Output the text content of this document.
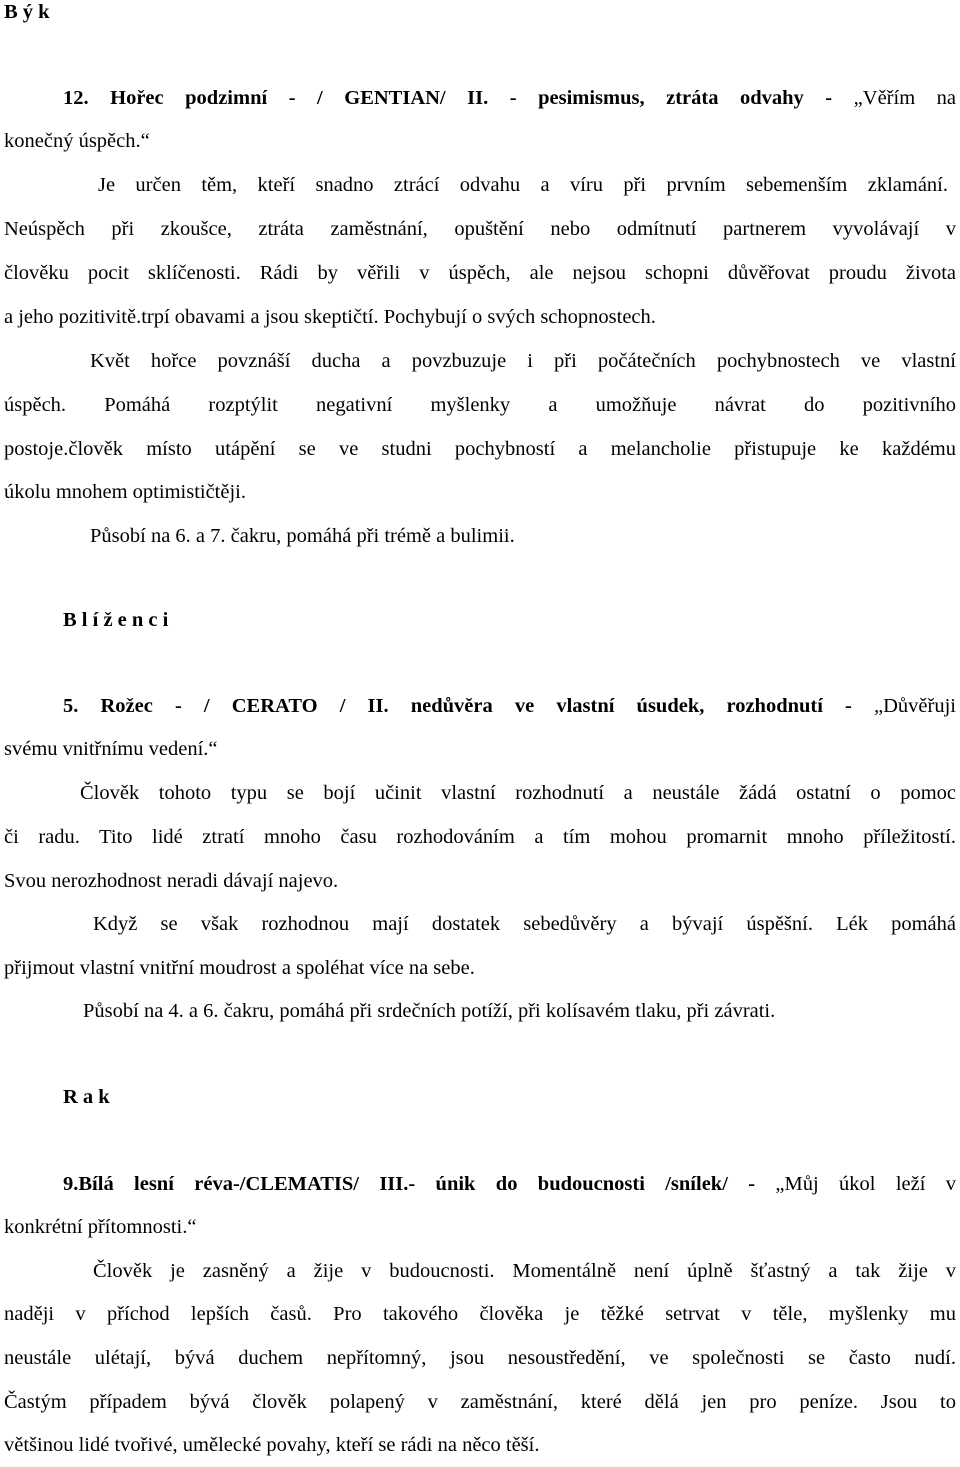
B ý k
12. Hořec podzimní - / GENTIAN/ II. - pesimismus, ztráta odvahy - „Věřím na
konečný úspěch.“
Je určen těm, kteří snadno ztrácí odvahu a víru při prvním sebemenším zklamání.
Neúspěch při zkoušce, ztráta zaměstnání, opuštění nebo odmítnutí partnerem vyvolávají v
člověku pocit sklíčenosti. Rádi by věřili v úspěch, ale nejsou schopni důvěřovat proudu života
a jeho pozitivitě.trpí obavami a jsou skeptičtí. Pochybují o svých schopnostech.
Květ hořce povznáší ducha a povzbuzuje i při počátečních pochybnostech ve vlastní
úspěch. Pomáhá rozptýlit negativní myšlenky a umožňuje návrat do pozitivního
postoje.člověk místo utápění se ve studni pochybností a melancholie přistupuje ke každému
úkolu mnohem optimističtěji.
Působí na 6. a 7. čakru, pomáhá při trémě a bulimii.
B l í ž e n c i
5. Rožec - / CERATO / II. nedůvěra ve vlastní úsudek, rozhodnutí - „Důvěřuji
svému vnitřnímu vedení.“
Člověk tohoto typu se bojí učinit vlastní rozhodnutí a neustále žádá ostatní o pomoc
či radu. Tito lidé ztratí mnoho času rozhodováním a tím mohou promarnit mnoho příležitostí.
Svou nerozhodnost neradi dávají najevo.
Když se však rozhodnou mají dostatek sebedůvěry a bývají úspěšní. Lék pomáhá
přijmout vlastní vnitřní moudrost a spoléhat více na sebe.
Působí na 4. a 6. čakru, pomáhá při srdečních potíží, při kolísavém tlaku, při závrati.
R a k
9.Bílá lesní réva-/CLEMATIS/ III.- únik do budoucnosti /snílek/ - „Můj úkol leží v
konkrétní přítomnosti.“
Člověk je zasněný a žije v budoucnosti. Momentálně není úplně šťastný a tak žije v
naději v příchod lepších časů. Pro takového člověka je těžké setrvat v těle, myšlenky mu
neustále ulétají, bývá duchem nepřítomný, jsou nesoustředění, ve společnosti se často nudí.
Častým případem bývá člověk polapený v zaměstnání, které dělá jen pro peníze. Jsou to
většinou lidé tvořivé, umělecké povahy, kteří se rádi na něco těší.
